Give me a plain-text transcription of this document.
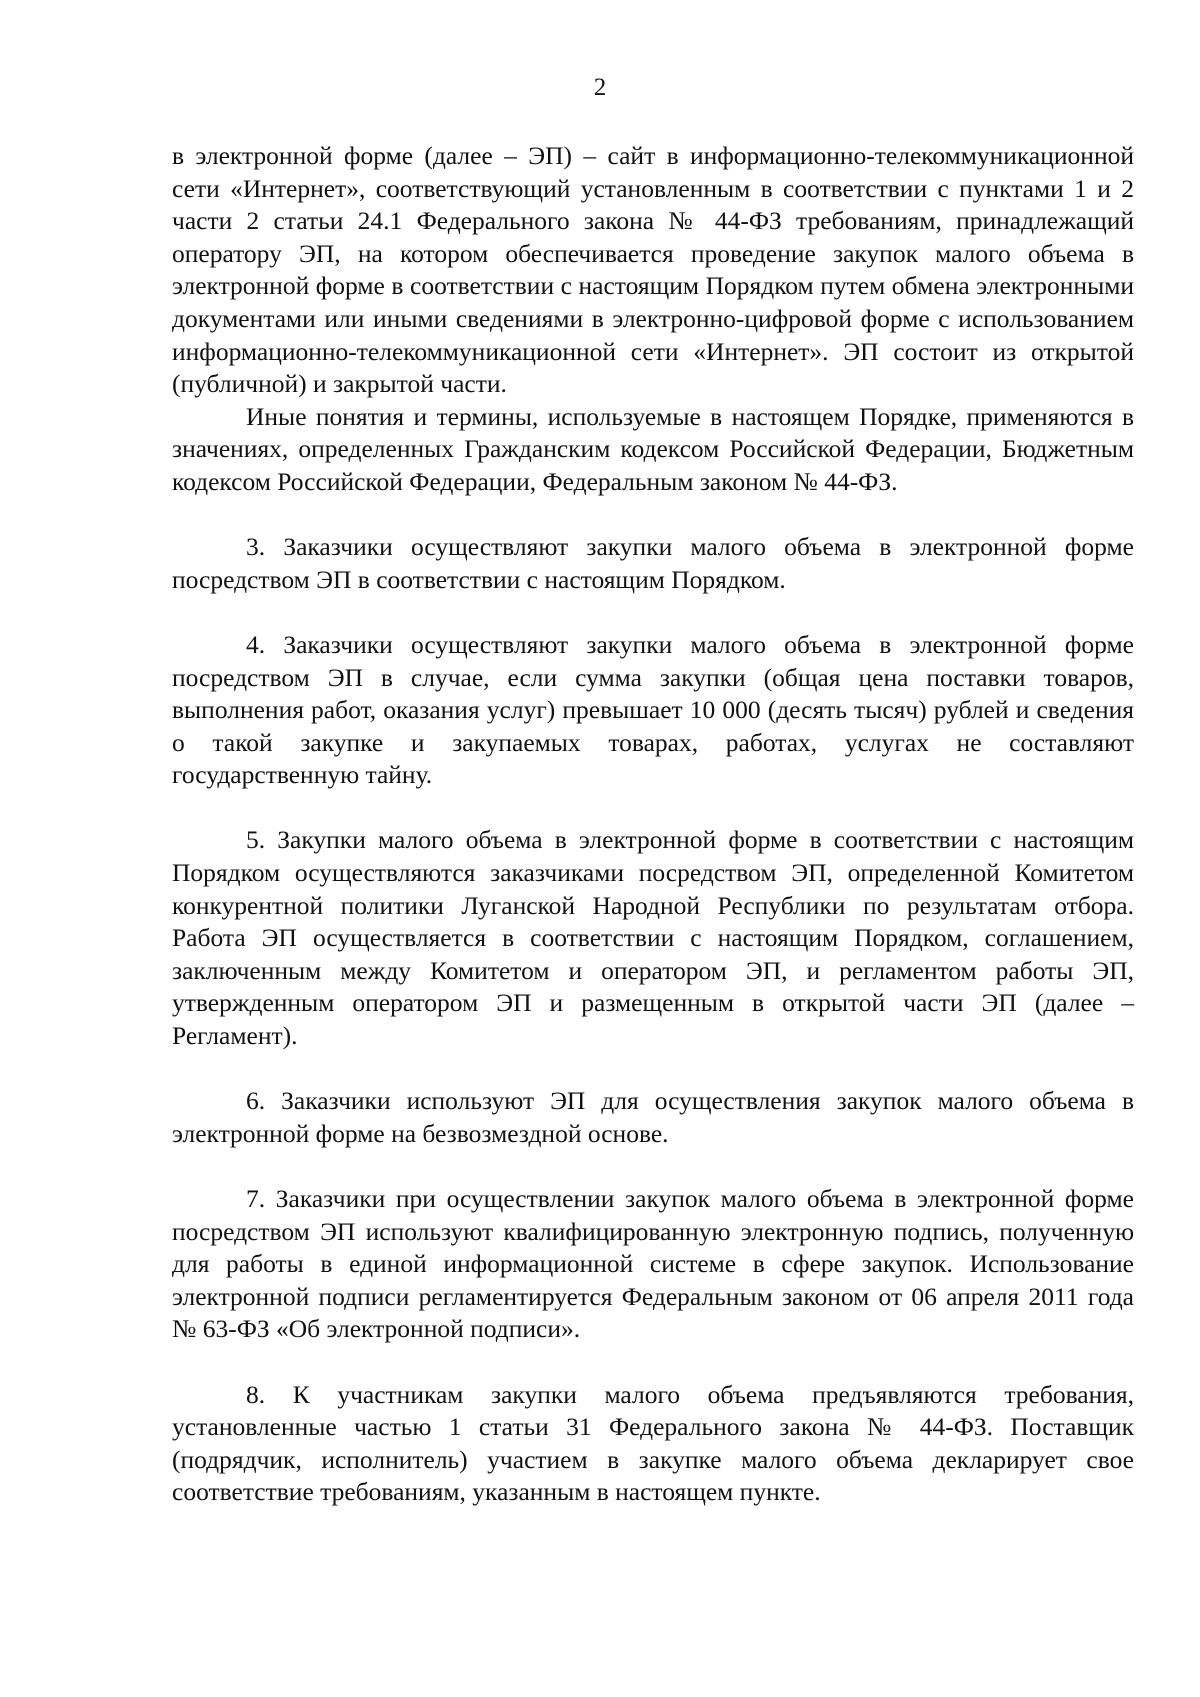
2

в электронной форме (далее – ЭП) – сайт в информационно-телекоммуникационной сети «Интернет», соответствующий установленным в соответствии с пунктами 1 и 2 части 2 статьи 24.1 Федерального закона № 44-ФЗ требованиям, принадлежащий оператору ЭП, на котором обеспечивается проведение закупок малого объема в электронной форме в соответствии с настоящим Порядком путем обмена электронными документами или иными сведениями в электронно-цифровой форме с использованием информационно-телекоммуникационной сети «Интернет». ЭП состоит из открытой (публичной) и закрытой части.

Иные понятия и термины, используемые в настоящем Порядке, применяются в значениях, определенных Гражданским кодексом Российской Федерации, Бюджетным кодексом Российской Федерации, Федеральным законом № 44-ФЗ.

3. Заказчики осуществляют закупки малого объема в электронной форме посредством ЭП в соответствии с настоящим Порядком.

4. Заказчики осуществляют закупки малого объема в электронной форме посредством ЭП в случае, если сумма закупки (общая цена поставки товаров, выполнения работ, оказания услуг) превышает 10 000 (десять тысяч) рублей и сведения о такой закупке и закупаемых товарах, работах, услугах не составляют государственную тайну.

5. Закупки малого объема в электронной форме в соответствии с настоящим Порядком осуществляются заказчиками посредством ЭП, определенной Комитетом конкурентной политики Луганской Народной Республики по результатам отбора. Работа ЭП осуществляется в соответствии с настоящим Порядком, соглашением, заключенным между Комитетом и оператором ЭП, и регламентом работы ЭП, утвержденным оператором ЭП и размещенным в открытой части ЭП (далее – Регламент).

6. Заказчики используют ЭП для осуществления закупок малого объема в электронной форме на безвозмездной основе.

7. Заказчики при осуществлении закупок малого объема в электронной форме посредством ЭП используют квалифицированную электронную подпись, полученную для работы в единой информационной системе в сфере закупок. Использование электронной подписи регламентируется Федеральным законом от 06 апреля 2011 года № 63-ФЗ «Об электронной подписи».

8. К участникам закупки малого объема предъявляются требования, установленные частью 1 статьи 31 Федерального закона № 44-ФЗ. Поставщик (подрядчик, исполнитель) участием в закупке малого объема декларирует свое соответствие требованиям, указанным в настоящем пункте.
